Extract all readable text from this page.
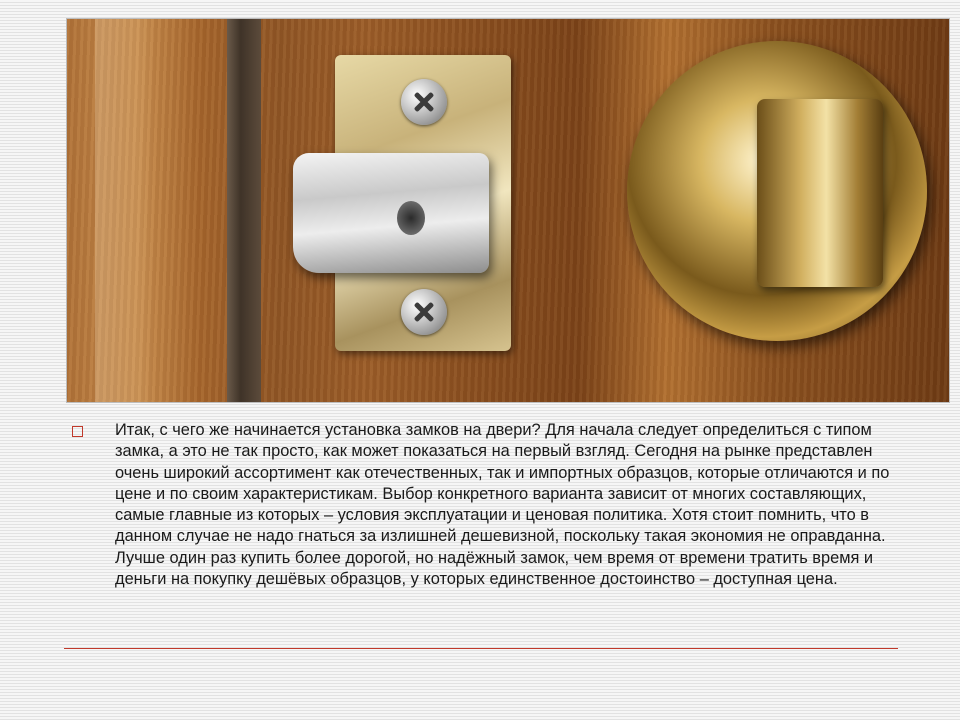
Итак, с чего же начинается установка замков на двери? Для начала следует определиться с типом замка, а это не так просто, как может показаться на первый взгляд. Сегодня на рынке представлен очень широкий ассортимент как отечественных, так и импортных образцов, которые отличаются и по цене и по своим характеристикам. Выбор конкретного варианта зависит от многих составляющих, самые главные из которых – условия эксплуатации и ценовая политика. Хотя стоит помнить, что в данном случае не надо гнаться за излишней дешевизной, поскольку такая экономия не оправданна. Лучше один раз купить более дорогой, но надёжный замок, чем время от времени тратить время и деньги на покупку дешёвых образцов, у которых единственное достоинство – доступная цена.
